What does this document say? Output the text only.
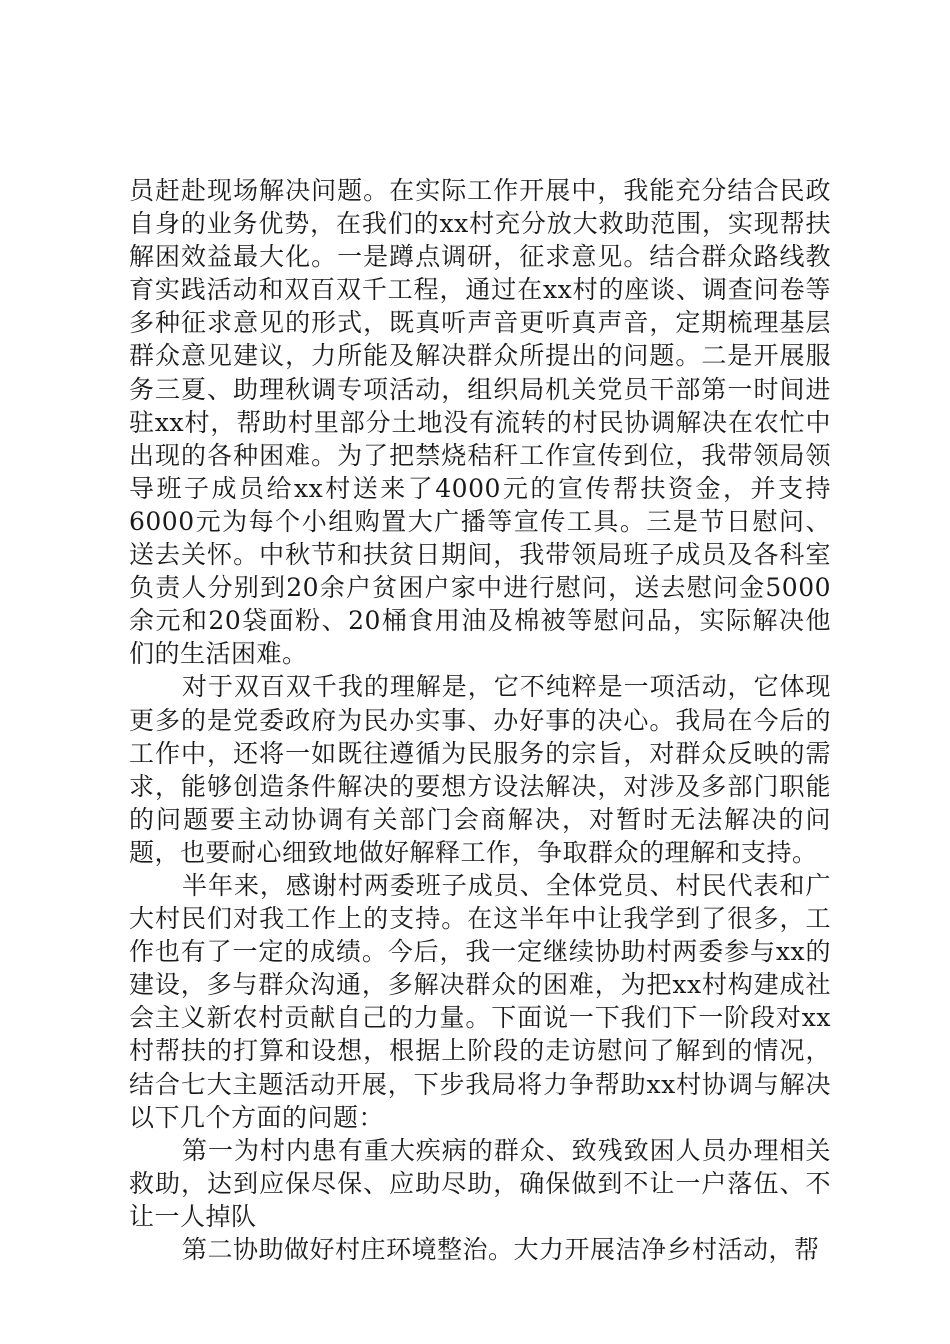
员赶赴现场解决问题。在实际工作开展中，我能充分结合民政自身的业务优势，在我们的xx村充分放大救助范围，实现帮扶解困效益最大化。一是蹲点调研，征求意见。结合群众路线教育实践活动和双百双千工程，通过在xx村的座谈、调查问卷等多种征求意见的形式，既真听声音更听真声音，定期梳理基层群众意见建议，力所能及解决群众所提出的问题。二是开展服务三夏、助理秋调专项活动，组织局机关党员干部第一时间进驻xx村，帮助村里部分土地没有流转的村民协调解决在农忙中出现的各种困难。为了把禁烧秸秆工作宣传到位，我带领局领导班子成员给xx村送来了4000元的宣传帮扶资金，并支持6000元为每个小组购置大广播等宣传工具。三是节日慰问、送去关怀。中秋节和扶贫日期间，我带领局班子成员及各科室负责人分别到20余户贫困户家中进行慰问，送去慰问金5000余元和20袋面粉、20桶食用油及棉被等慰问品，实际解决他们的生活困难。

对于双百双千我的理解是，它不纯粹是一项活动，它体现更多的是党委政府为民办实事、办好事的决心。我局在今后的工作中，还将一如既往遵循为民服务的宗旨，对群众反映的需求，能够创造条件解决的要想方设法解决，对涉及多部门职能的问题要主动协调有关部门会商解决，对暂时无法解决的问题，也要耐心细致地做好解释工作，争取群众的理解和支持。

半年来，感谢村两委班子成员、全体党员、村民代表和广大村民们对我工作上的支持。在这半年中让我学到了很多，工作也有了一定的成绩。今后，我一定继续协助村两委参与xx的建设，多与群众沟通，多解决群众的困难，为把xx村构建成社会主义新农村贡献自己的力量。下面说一下我们下一阶段对xx村帮扶的打算和设想，根据上阶段的走访慰问了解到的情况，结合七大主题活动开展，下步我局将力争帮助xx村协调与解决以下几个方面的问题：

第一为村内患有重大疾病的群众、致残致困人员办理相关救助，达到应保尽保、应助尽助，确保做到不让一户落伍、不让一人掉队

第二协助做好村庄环境整治。大力开展洁净乡村活动，帮
